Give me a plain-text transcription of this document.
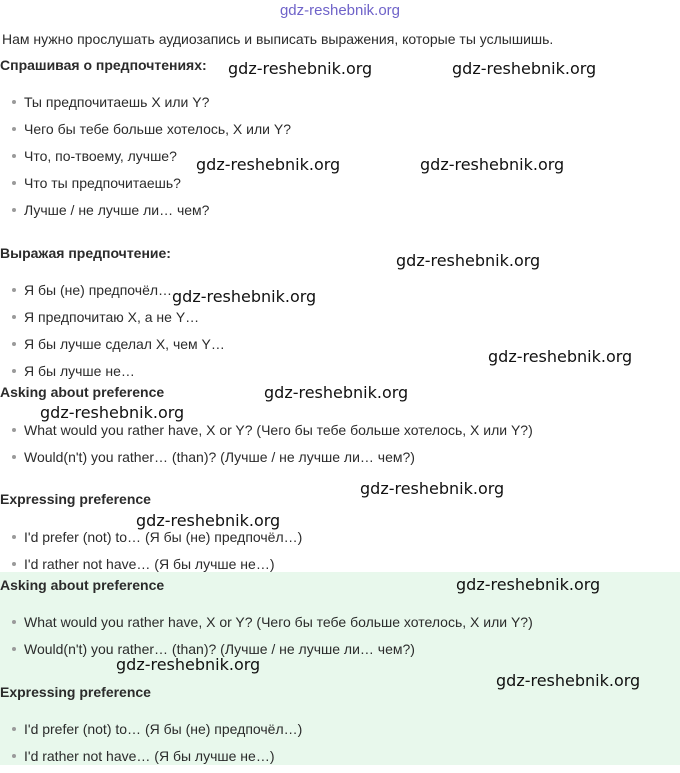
gdz-reshebnik.org
Нам нужно прослушать аудиозапись и выписать выражения, которые ты услышишь.
Спрашивая о предпочтениях:
Ты предпочитаешь X или Y?
Чего бы тебе больше хотелось, X или Y?
Что, по-твоему, лучше?
Что ты предпочитаешь?
Лучше / не лучше ли… чем?
Выражая предпочтение:
Я бы (не) предпочёл…
Я предпочитаю X, а не Y…
Я бы лучше сделал X, чем Y…
Я бы лучше не…
Asking about preference
What would you rather have, X or Y? (Чего бы тебе больше хотелось, X или Y?)
Would(n't) you rather… (than)? (Лучше / не лучше ли… чем?)
Expressing preference
I'd prefer (not) to… (Я бы (не) предпочёл…)
I'd rather not have… (Я бы лучше не…)
Asking about preference
What would you rather have, X or Y? (Чего бы тебе больше хотелось, X или Y?)
Would(n't) you rather… (than)? (Лучше / не лучше ли… чем?)
Expressing preference
I'd prefer (not) to… (Я бы (не) предпочёл…)
I'd rather not have… (Я бы лучше не…)
gdz-reshebnik.org	gdz-reshebnik.org
gdz-reshebnik.org	gdz-reshebnik.org
gdz-reshebnik.org
gdz-reshebnik.org
gdz-reshebnik.org
gdz-reshebnik.org
gdz-reshebnik.org
gdz-reshebnik.org
gdz-reshebnik.org
gdz-reshebnik.org
gdz-reshebnik.org
gdz-reshebnik.org
